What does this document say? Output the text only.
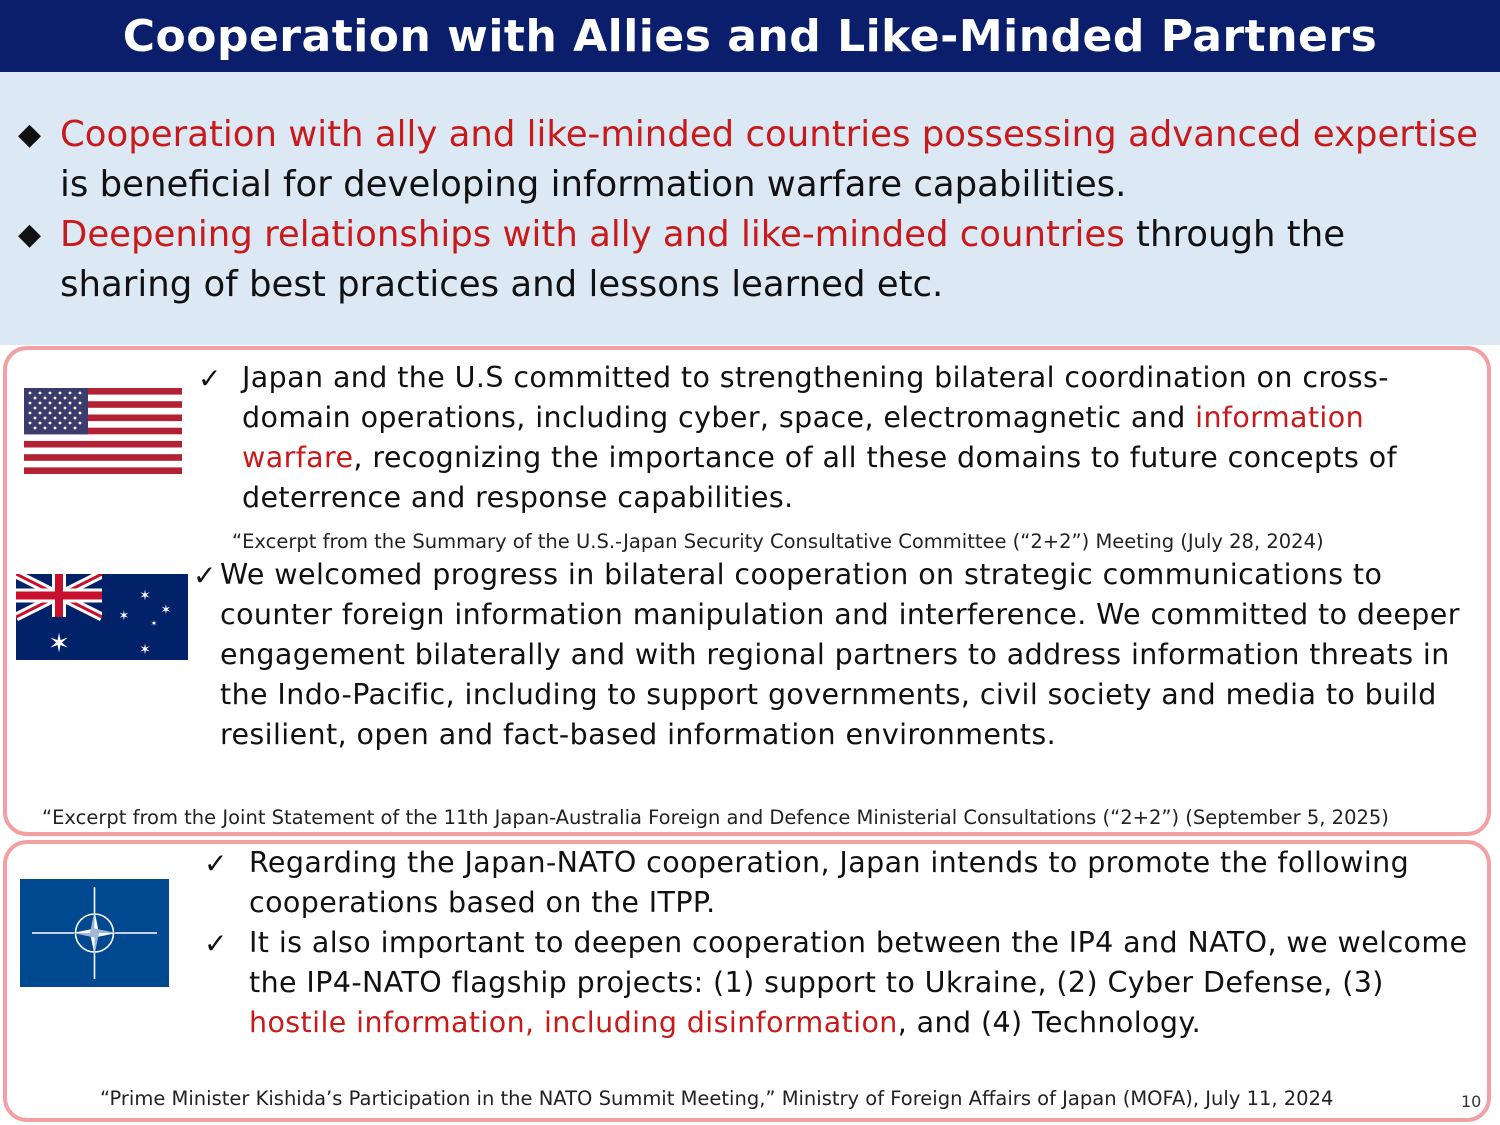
Cooperation with Allies and Like-Minded Partners
◆ Cooperation with ally and like-minded countries possessing advanced expertise is beneficial for developing information warfare capabilities.
◆ Deepening relationships with ally and like-minded countries through the sharing of best practices and lessons learned etc.
✓ Japan and the U.S committed to strengthening bilateral coordination on cross-domain operations, including cyber, space, electromagnetic and information warfare, recognizing the importance of all these domains to future concepts of deterrence and response capabilities.
“Excerpt from the Summary of the U.S.-Japan Security Consultative Committee (“2+2”) Meeting (July 28, 2024)
✶
✶
✶ ✶
✶
✶
✓ We welcomed progress in bilateral cooperation on strategic communications to counter foreign information manipulation and interference. We committed to deeper engagement bilaterally and with regional partners to address information threats in the Indo-Pacific, including to support governments, civil society and media to build resilient, open and fact-based information environments.
“Excerpt from the Joint Statement of the 11th Japan-Australia Foreign and Defence Ministerial Consultations (“2+2”) (September 5, 2025)
✓ Regarding the Japan-NATO cooperation, Japan intends to promote the following cooperations based on the ITPP.
✓ It is also important to deepen cooperation between the IP4 and NATO, we welcome the IP4-NATO flagship projects: (1) support to Ukraine, (2) Cyber Defense, (3) hostile information, including disinformation, and (4) Technology.
“Prime Minister Kishida’s Participation in the NATO Summit Meeting,” Ministry of Foreign Affairs of Japan (MOFA), July 11, 2024	10
